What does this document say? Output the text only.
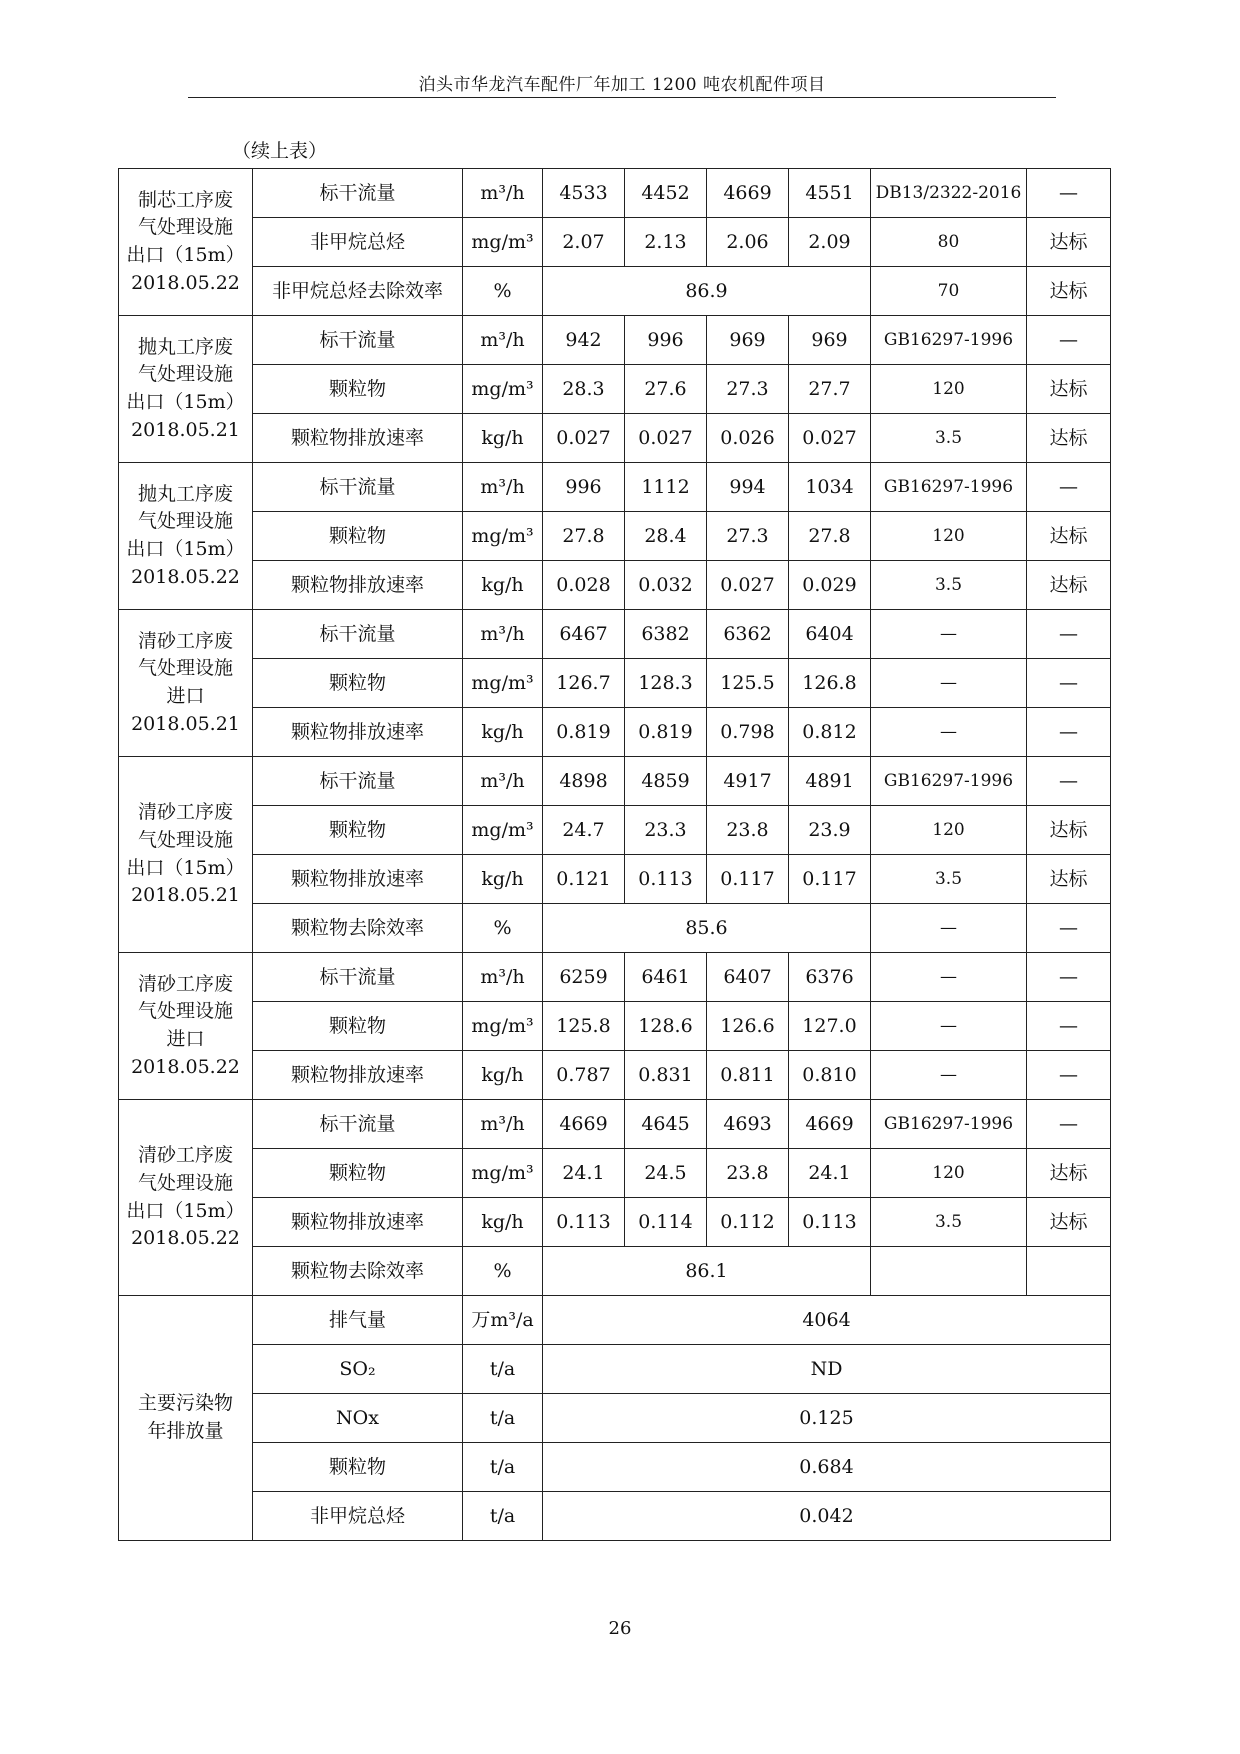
泊头市华龙汽车配件厂年加工 1200 吨农机配件项目
（续上表）
制芯工序废
气处理设施
出口（15m）
2018.05.22	标干流量	m³/h	4533	4452	4669	4551	DB13/2322-2016	—
	非甲烷总烃	mg/m³	2.07	2.13	2.06	2.09	80	达标
	非甲烷总烃去除效率	%	86.9				70	达标

抛丸工序废
气处理设施
出口（15m）
2018.05.21	标干流量	m³/h	942	996	969	969	GB16297-1996	—
	颗粒物	mg/m³	28.3	27.6	27.3	27.7	120	达标
	颗粒物排放速率	kg/h	0.027	0.027	0.026	0.027	3.5	达标

抛丸工序废
气处理设施
出口（15m）
2018.05.22	标干流量	m³/h	996	1112	994	1034	GB16297-1996	—
	颗粒物	mg/m³	27.8	28.4	27.3	27.8	120	达标
	颗粒物排放速率	kg/h	0.028	0.032	0.027	0.029	3.5	达标

清砂工序废
气处理设施
进口
2018.05.21	标干流量	m³/h	6467	6382	6362	6404	—	—
	颗粒物	mg/m³	126.7	128.3	125.5	126.8	—	—
	颗粒物排放速率	kg/h	0.819	0.819	0.798	0.812	—	—

清砂工序废
气处理设施
出口（15m）
2018.05.21	标干流量	m³/h	4898	4859	4917	4891	GB16297-1996	—
	颗粒物	mg/m³	24.7	23.3	23.8	23.9	120	达标
	颗粒物排放速率	kg/h	0.121	0.113	0.117	0.117	3.5	达标
	颗粒物去除效率	%	85.6				—	—

清砂工序废
气处理设施
进口
2018.05.22	标干流量	m³/h	6259	6461	6407	6376	—	—
	颗粒物	mg/m³	125.8	128.6	126.6	127.0	—	—
	颗粒物排放速率	kg/h	0.787	0.831	0.811	0.810	—	—

清砂工序废
气处理设施
出口（15m）
2018.05.22	标干流量	m³/h	4669	4645	4693	4669	GB16297-1996	—
	颗粒物	mg/m³	24.1	24.5	23.8	24.1	120	达标
	颗粒物排放速率	kg/h	0.113	0.114	0.112	0.113	3.5	达标
	颗粒物去除效率	%	86.1					

主要污染物
年排放量	排气量	万m³/a	4064					
	SO₂	t/a	ND					
	NOx	t/a	0.125					
	颗粒物	t/a	0.684					
	非甲烷总烃	t/a	0.042					
26
